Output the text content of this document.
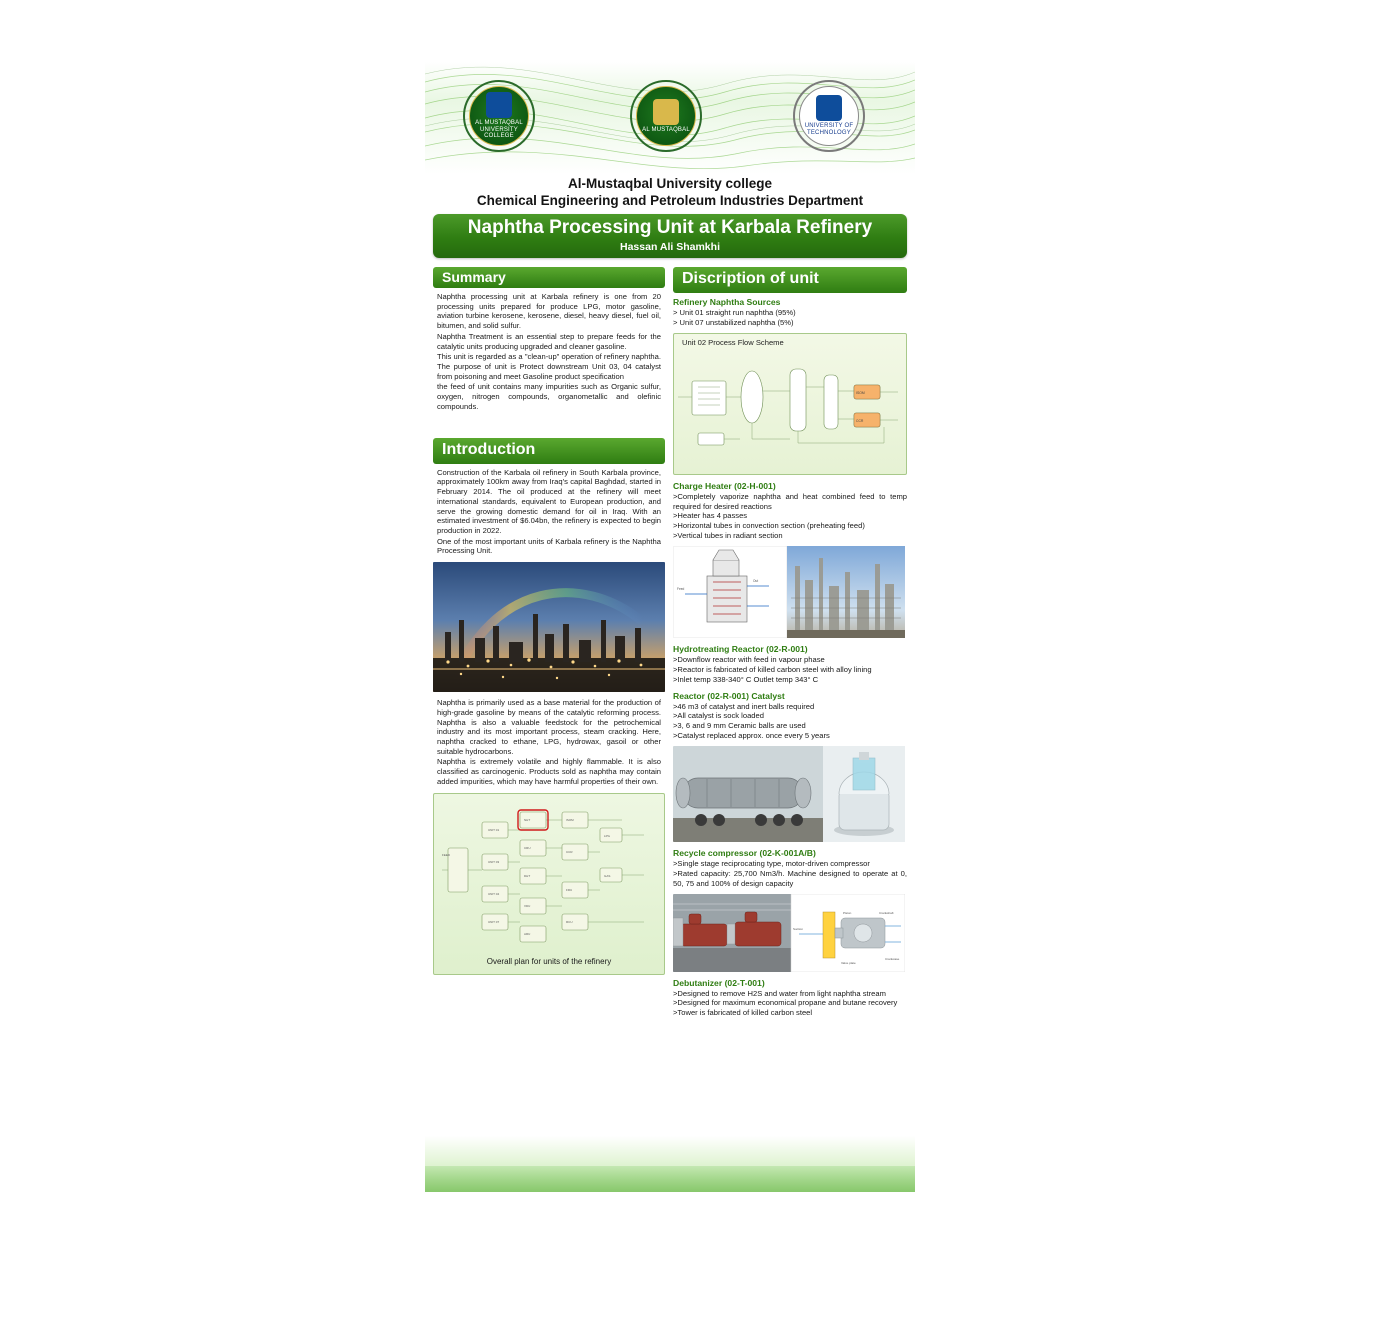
AL MUSTAQBAL UNIVERSITY COLLEGE
AL MUSTAQBAL
UNIVERSITY OF TECHNOLOGY
Al-Mustaqbal University college
Chemical Engineering and Petroleum Industries Department
Naphtha Processing Unit at Karbala Refinery
Hassan Ali Shamkhi
Summary

Naphtha processing unit at Karbala refinery is one from 20 processing units prepared for produce LPG, motor gasoline, aviation turbine kerosene, kerosene, diesel, heavy diesel, fuel oil, bitumen, and solid sulfur.

Naphtha Treatment is an essential step to prepare feeds for the catalytic units producing upgraded and cleaner gasoline.

This unit is regarded as a "clean-up" operation of refinery naphtha. The purpose of unit is Protect downstream Unit 03, 04 catalyst from poisoning and meet Gasoline product specification

the feed of unit contains many impurities such as Organic sulfur, oxygen, nitrogen compounds, organometallic and olefinic compounds.

Introduction

Construction of the Karbala oil refinery in South Karbala province, approximately 100km away from Iraq's capital Baghdad, started in February 2014. The oil produced at the refinery will meet international standards, equivalent to European production, and serve the growing domestic demand for oil in Iraq. With an estimated investment of $6.04bn, the refinery is expected to begin production in 2022.

One of the most important units of Karbala refinery is the Naphtha Processing Unit.

Naphtha is primarily used as a base material for the production of high-grade gasoline by means of the catalytic reforming process. Naphtha is also a valuable feedstock for the petrochemical industry and its most important process, steam cracking. Here, naphtha cracked to ethane, LPG, hydrowax, gasoil or other suitable hydrocarbons.

Naphtha is extremely volatile and highly flammable. It is also classified as carcinogenic. Products sold as naphtha may contain added impurities, which may have harmful properties of their own.

UNIT 01
UNIT 03
UNIT 04
UNIT 07
NHT
CRU
DHT
VDU
ARU
ISOM
CCR
FRU
RCU
LPG
GAS
FEED
Overall plan for units of the refinery
Discription of unit
Refinery Naphtha Sources
> Unit 01 straight run naphtha (95%)
> Unit 07 unstabilized naphtha (5%)
Unit 02 Process Flow Scheme
ISOM
CCR
Charge Heater (02-H-001)
>Completely vaporize naphtha and heat combined feed to temp required for desired reactions
>Heater has 4 passes
>Horizontal tubes in convection section (preheating feed)
>Vertical tubes in radiant section
Feed
Out
Hydrotreating Reactor (02-R-001)
>Downflow reactor with feed in vapour phase
>Reactor is fabricated of killed carbon steel with alloy lining
>Inlet temp 338-340° C Outlet temp 343° C
Reactor (02-R-001) Catalyst
>46 m3 of catalyst and inert balls required
>All catalyst is sock loaded
>3, 6 and 9 mm Ceramic balls are used
>Catalyst replaced approx. once every 5 years
Recycle compressor (02-K-001A/B)
>Single stage reciprocating type, motor-driven compressor
>Rated capacity: 25,700 Nm3/h. Machine designed to operate at 0, 50, 75 and 100% of design capacity
Piston	Crankshaft
Suction
Valve plate
Crankcase
Debutanizer (02-T-001)
>Designed to remove H2S and water from light naphtha stream
>Designed for maximum economical propane and butane recovery
>Tower is fabricated of killed carbon steel
